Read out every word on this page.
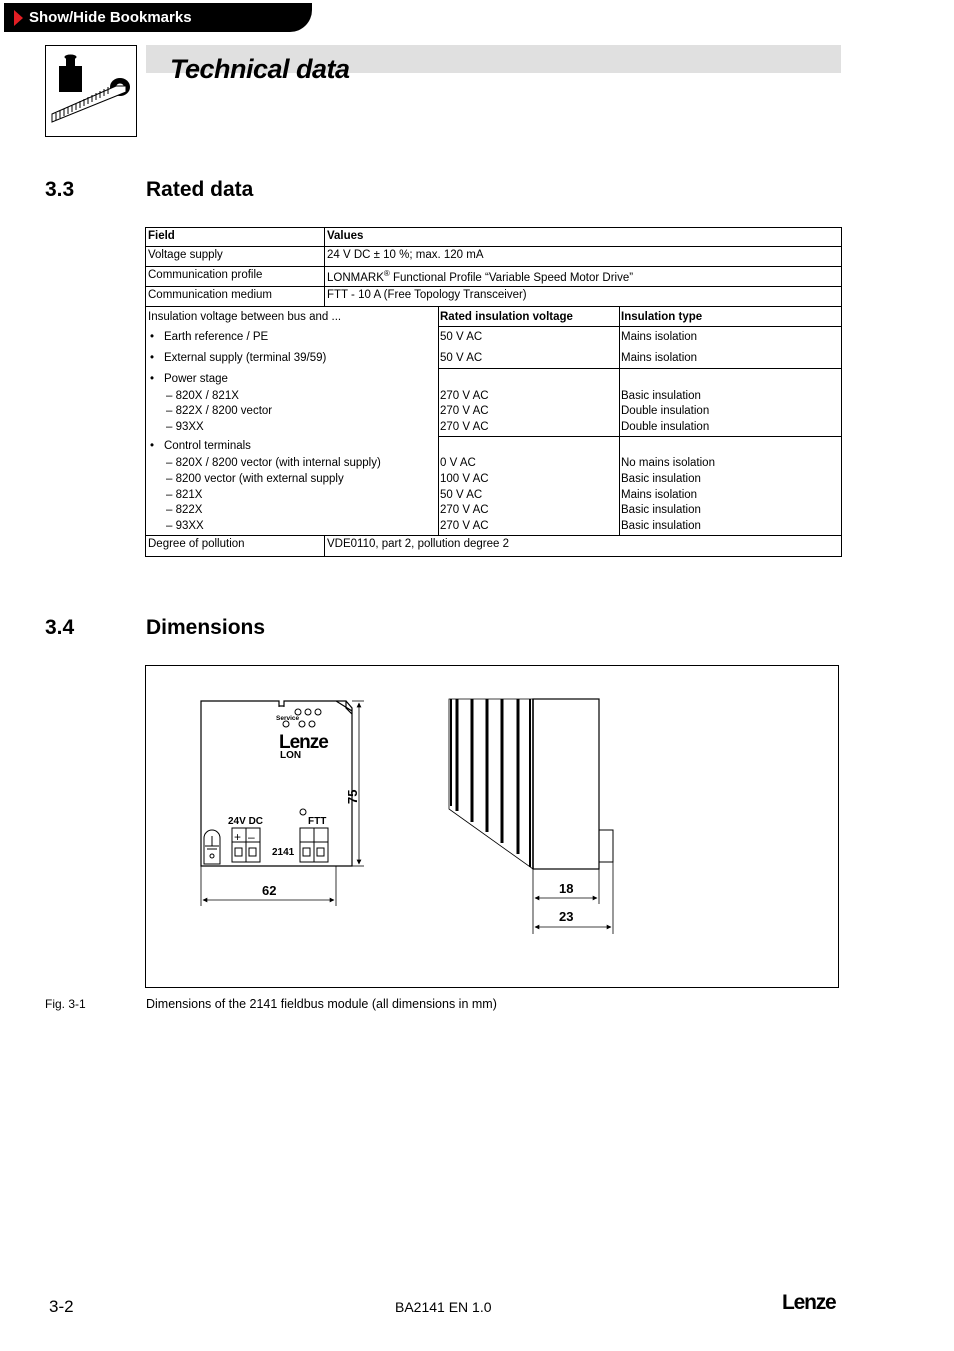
Show/Hide Bookmarks
Technical data
3.3	Rated data
Field	Values
Voltage supply	24 V DC ± 10 %; max. 120 mA
Communication profile	LONMARK® Functional Profile “Variable Speed Motor Drive”
Communication medium	FTT - 10 A (Free Topology Transceiver)
Insulation voltage between bus and ...	Rated insulation voltage	Insulation type
• Earth reference / PE	50 V AC	Mains isolation
• External supply (terminal 39/59)	50 V AC	Mains isolation
• Power stage
– 820X / 821X	270 V AC	Basic insulation
– 822X / 8200 vector	270 V AC	Double insulation
– 93XX	270 V AC	Double insulation
• Control terminals
– 820X / 8200 vector (with internal supply)	0 V AC	No mains isolation
– 8200 vector (with external supply	100 V AC	Basic insulation
– 821X	50 V AC	Mains isolation
– 822X	270 V AC	Basic insulation
– 93XX	270 V AC	Basic insulation
Degree of pollution	VDE0110, part 2, pollution degree 2
3.4	Dimensions
Service
Lenze
LON
24V DC
+ –
FTT
2141
75
62	18
23
Fig. 3-1	Dimensions of the 2141 fieldbus module (all dimensions in mm)
3-2	BA2141 EN 1.0	Lenze
